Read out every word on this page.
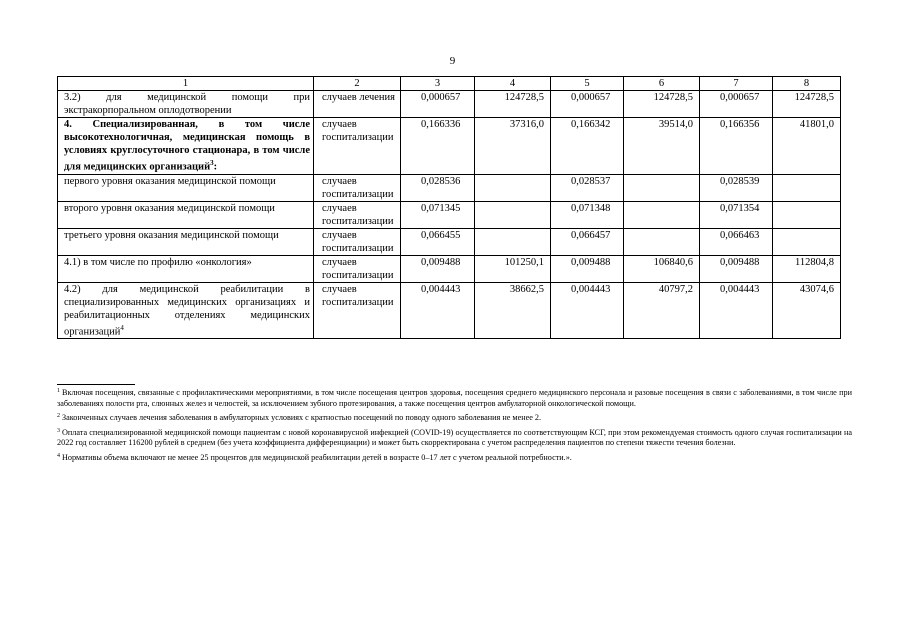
9
1	2	3	4	5	6	7	8
3.2) для медицинской помощи при экстракорпоральном оплодотворении	случаев лечения	0,000657	124728,5	0,000657	124728,5	0,000657	124728,5
4. Специализированная, в том числе высокотехнологичная, медицинская помощь в условиях круглосуточного стационара, в том числе для медицинских организаций$^3$:	случаев госпитализации	0,166336	37316,0	0,166342	39514,0	0,166356	41801,0
первого уровня оказания медицинской помощи	случаев госпитализации	0,028536		0,028537		0,028539	
второго уровня оказания медицинской помощи	случаев госпитализации	0,071345		0,071348		0,071354	
третьего уровня оказания медицинской помощи	случаев госпитализации	0,066455		0,066457		0,066463	
4.1) в том числе по профилю «онкология»	случаев госпитализации	0,009488	101250,1	0,009488	106840,6	0,009488	112804,8
4.2) для медицинской реабилитации в специализированных медицинских организациях и реабилитационных отделениях медицинских организаций$^4$	случаев госпитализации	0,004443	38662,5	0,004443	40797,2	0,004443	43074,6
$^1$ Включая посещения, связанные с профилактическими мероприятиями, в том числе посещения центров здоровья, посещения среднего медицинского персонала и разовые посещения в связи с заболеваниями, в том числе при заболеваниях полости рта, слюнных желез и челюстей, за исключением зубного протезирования, а также посещения центров амбулаторной онкологической помощи.
$^2$ Законченных случаев лечения заболевания в амбулаторных условиях с кратностью посещений по поводу одного заболевания не менее 2.
$^3$ Оплата специализированной медицинской помощи пациентам с новой коронавирусной инфекцией (COVID-19) осуществляется по соответствующим КСГ, при этом рекомендуемая стоимость одного случая госпитализации на 2022 год составляет 116200 рублей в среднем (без учета коэффициента дифференциации) и может быть скорректирована с учетом распределения пациентов по степени тяжести течения болезни.
$^4$ Нормативы объема включают не менее 25 процентов для медицинской реабилитации детей в возрасте 0–17 лет с учетом реальной потребности.».
